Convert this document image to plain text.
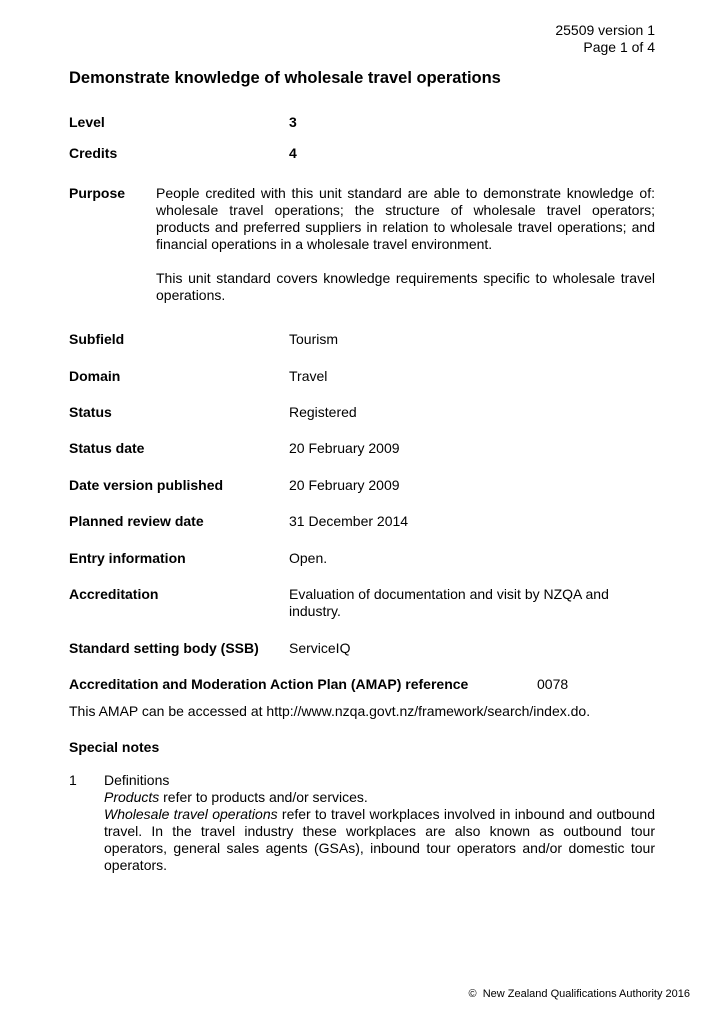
25509 version 1
Page 1 of 4
Demonstrate knowledge of wholesale travel operations
Level	3
Credits	4
Purpose People credited with this unit standard are able to demonstrate knowledge of: wholesale travel operations; the structure of wholesale travel operators; products and preferred suppliers in relation to wholesale travel operations; and financial operations in a wholesale travel environment.

This unit standard covers knowledge requirements specific to wholesale travel operations.

Subfield	Tourism
Domain	Travel
Status	Registered
Status date	20 February 2009
Date version published	20 February 2009
Planned review date	31 December 2014
Entry information	Open.
Accreditation	Evaluation of documentation and visit by NZQA and industry.
Standard setting body (SSB) ServiceIQ
Accreditation and Moderation Action Plan (AMAP) reference	0078
This AMAP can be accessed at http://www.nzqa.govt.nz/framework/search/index.do.
Special notes
1 Definitions

Products refer to products and/or services.

Wholesale travel operations refer to travel workplaces involved in inbound and outbound travel. In the travel industry these workplaces are also known as outbound tour operators, general sales agents (GSAs), inbound tour operators and/or domestic tour operators.

© New Zealand Qualifications Authority 2016
